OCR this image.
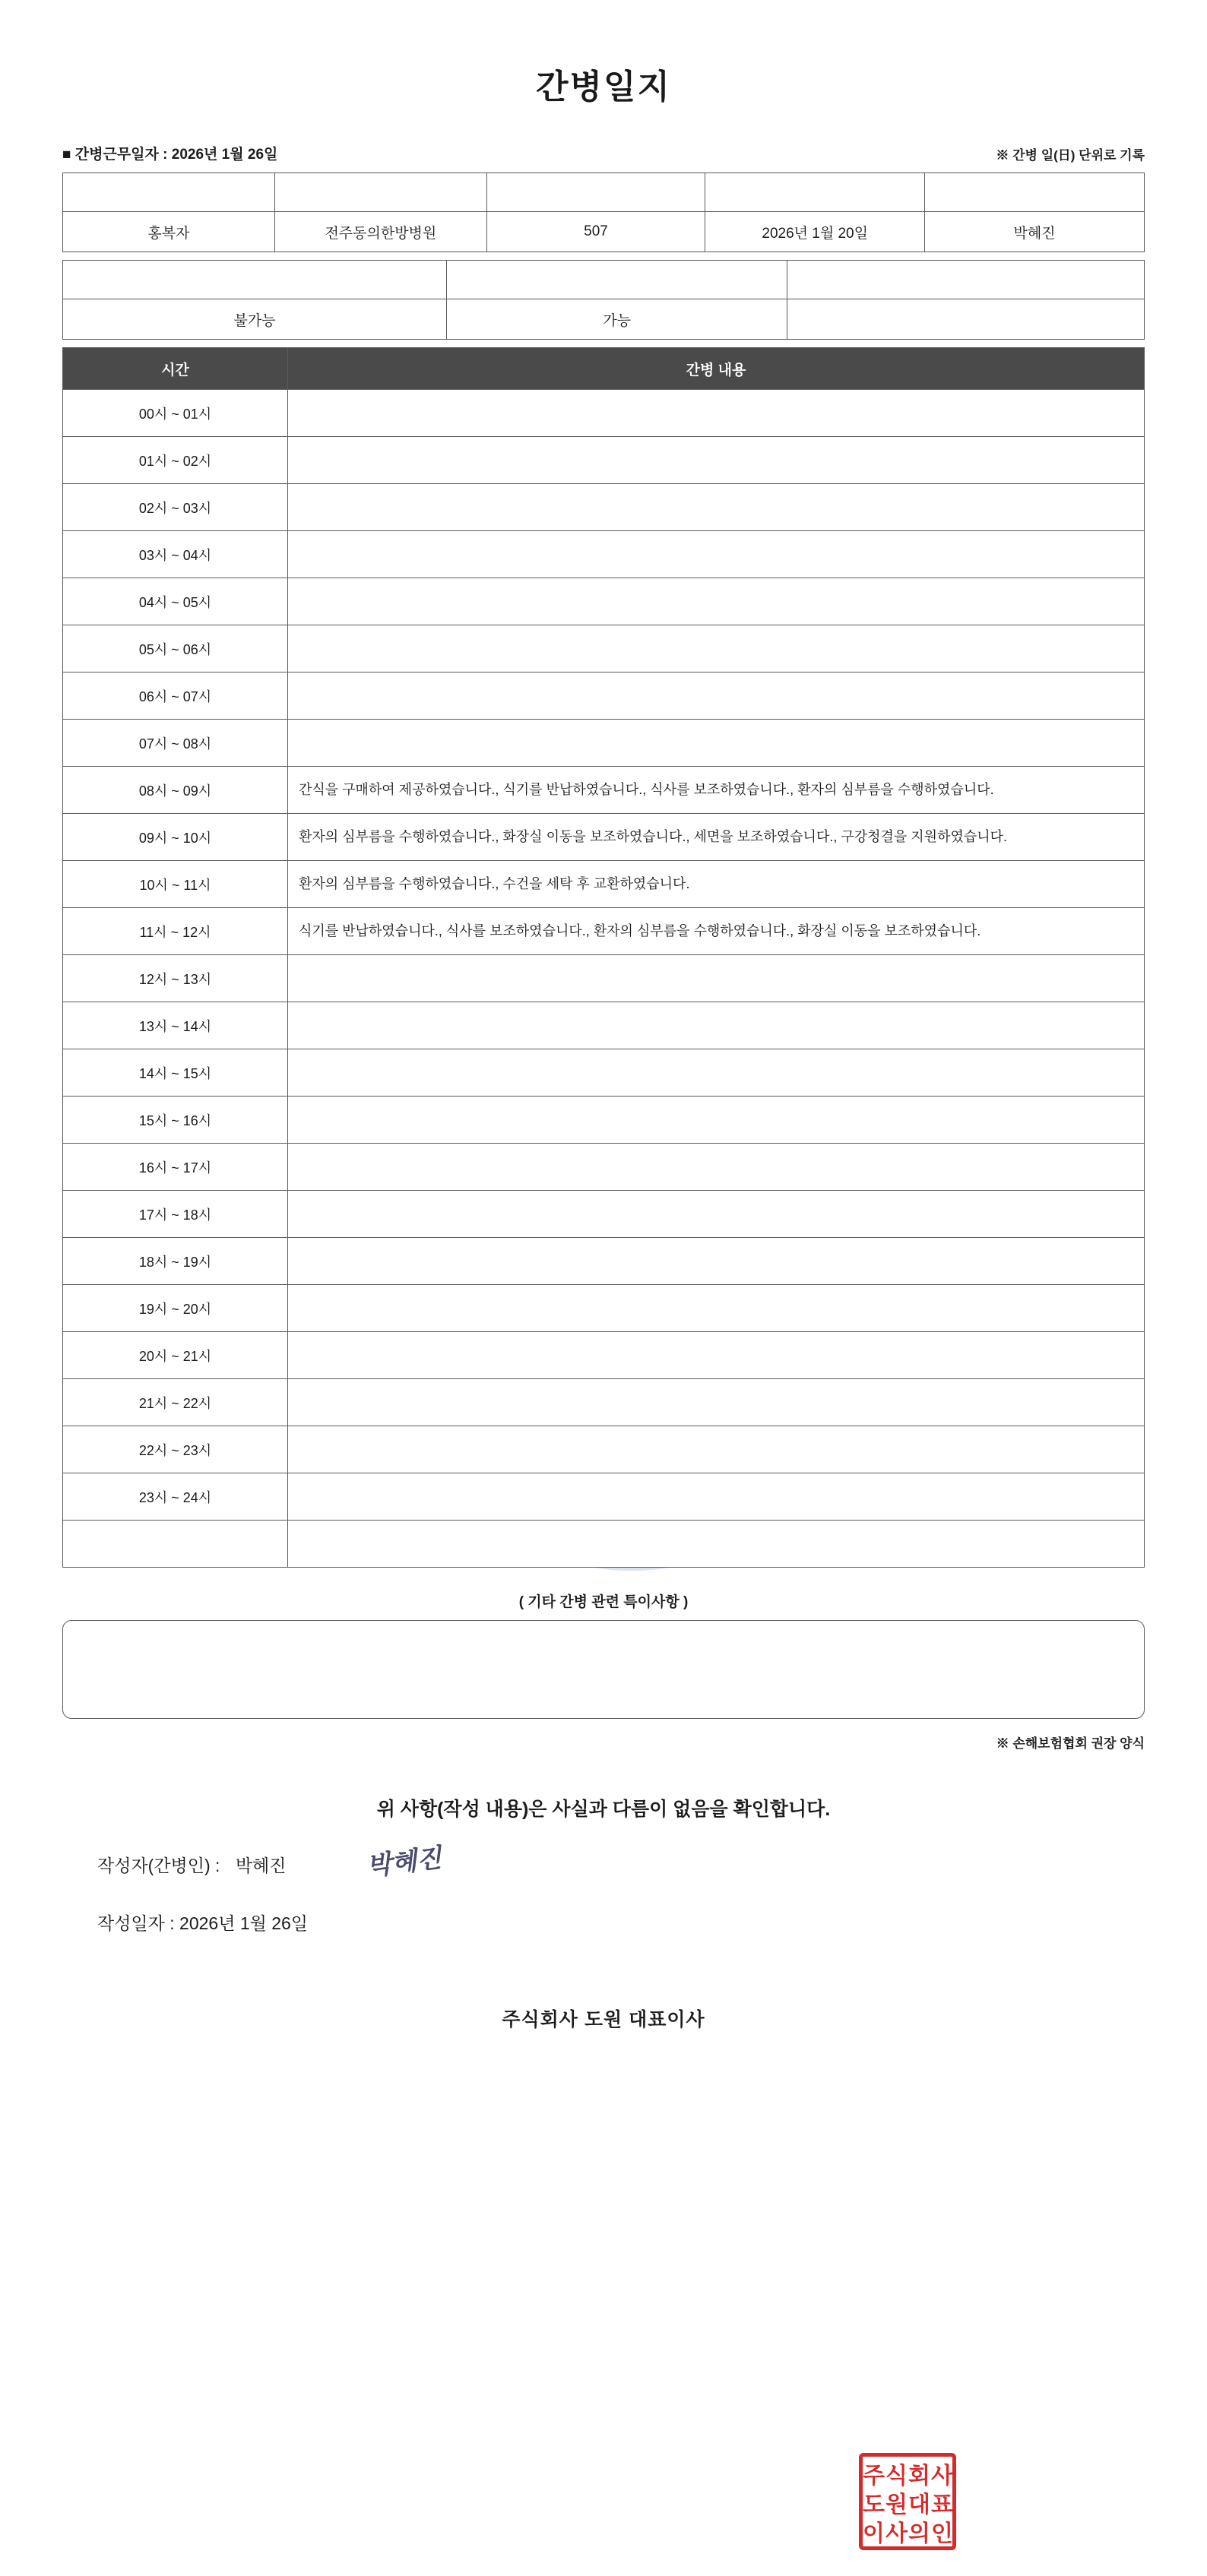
간병일지
■ 간병근무일자 : 2026년 1월 26일	※ 간병 일(日) 단위로 기록
환자성명	의료기관	병실호수	입원날짜	간병인명
홍복자	전주동의한방병원	507	2026년 1월 20일	박혜진
자가 보행	음식 경구 섭취	체내 관 삽입
불가능	가능	
시간	간병 내용
00시 ~ 01시	
01시 ~ 02시	
02시 ~ 03시	
03시 ~ 04시	
04시 ~ 05시	
05시 ~ 06시	
06시 ~ 07시	
07시 ~ 08시	
08시 ~ 09시	간식을 구매하여 제공하였습니다., 식기를 반납하였습니다., 식사를 보조하였습니다., 환자의 심부름을 수행하였습니다.
09시 ~ 10시	환자의 심부름을 수행하였습니다., 화장실 이동을 보조하였습니다., 세면을 보조하였습니다., 구강청결을 지원하였습니다.
10시 ~ 11시	환자의 심부름을 수행하였습니다., 수건을 세탁 후 교환하였습니다.
11시 ~ 12시	식기를 반납하였습니다., 식사를 보조하였습니다., 환자의 심부름을 수행하였습니다., 화장실 이동을 보조하였습니다.
12시 ~ 13시	
13시 ~ 14시	
14시 ~ 15시	
15시 ~ 16시	
16시 ~ 17시	
17시 ~ 18시	
18시 ~ 19시	
19시 ~ 20시	
20시 ~ 21시	
21시 ~ 22시	
22시 ~ 23시	
23시 ~ 24시	

( 기타 간병 관련 특이사항 )
※ 손해보험협회 권장 양식
위 사항(작성 내용)은 사실과 다름이 없음을 확인합니다.
작성자(간병인) : 박혜진	박혜진
작성일자 : 2026년 1월 26일
주식회사 도원 대표이사
주식회사
도원대표
이사의인
